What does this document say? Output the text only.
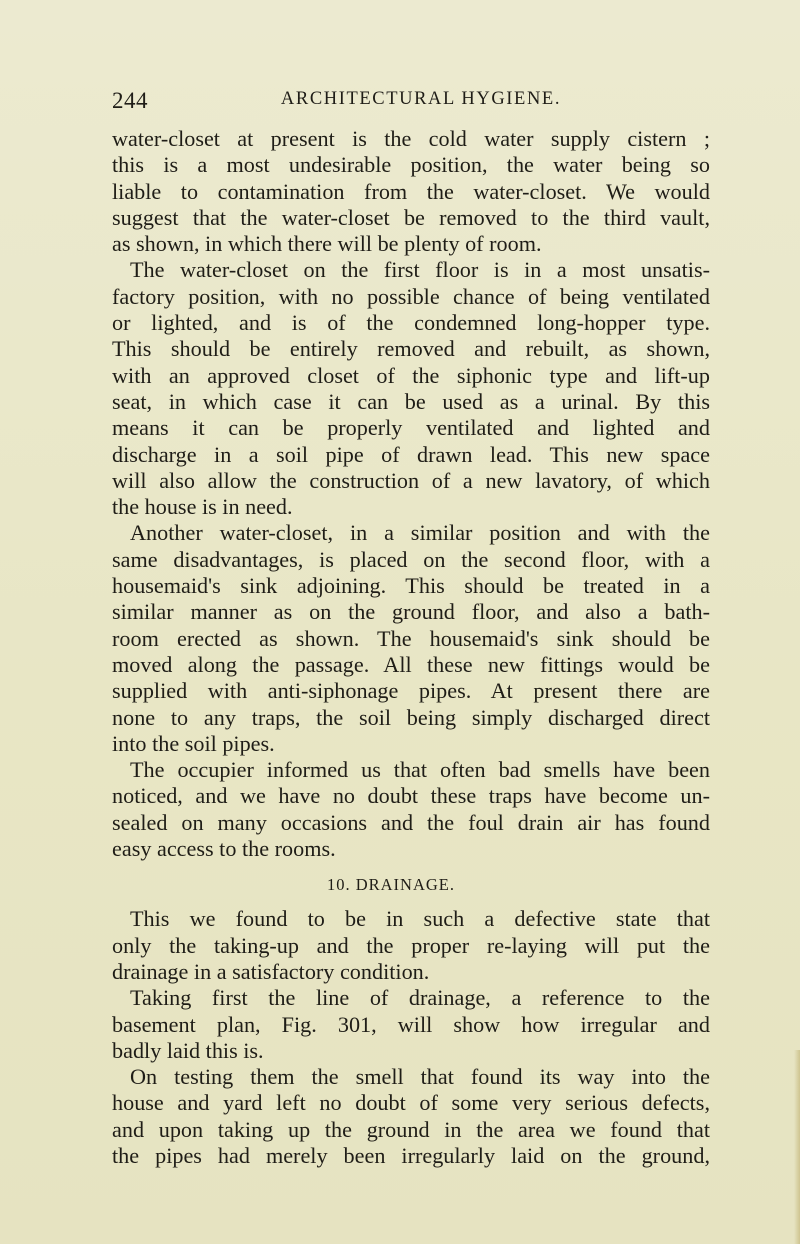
244	ARCHITECTURAL HYGIENE.
water-closet at present is the cold water supply cistern ;
this is a most undesirable position, the water being so
liable to contamination from the water-closet. We would
suggest that the water-closet be removed to the third vault,
as shown, in which there will be plenty of room.
The water-closet on the first floor is in a most unsatis-
factory position, with no possible chance of being ventilated
or lighted, and is of the condemned long-hopper type.
This should be entirely removed and rebuilt, as shown,
with an approved closet of the siphonic type and lift-up
seat, in which case it can be used as a urinal. By this
means it can be properly ventilated and lighted and
discharge in a soil pipe of drawn lead. This new space
will also allow the construction of a new lavatory, of which
the house is in need.
Another water-closet, in a similar position and with the
same disadvantages, is placed on the second floor, with a
housemaid's sink adjoining. This should be treated in a
similar manner as on the ground floor, and also a bath-
room erected as shown. The housemaid's sink should be
moved along the passage. All these new fittings would be
supplied with anti-siphonage pipes. At present there are
none to any traps, the soil being simply discharged direct
into the soil pipes.
The occupier informed us that often bad smells have been
noticed, and we have no doubt these traps have become un-
sealed on many occasions and the foul drain air has found
easy access to the rooms.
10. DRAINAGE.
This we found to be in such a defective state that
only the taking-up and the proper re-laying will put the
drainage in a satisfactory condition.
Taking first the line of drainage, a reference to the
basement plan, Fig. 301, will show how irregular and
badly laid this is.
On testing them the smell that found its way into the
house and yard left no doubt of some very serious defects,
and upon taking up the ground in the area we found that
the pipes had merely been irregularly laid on the ground,
